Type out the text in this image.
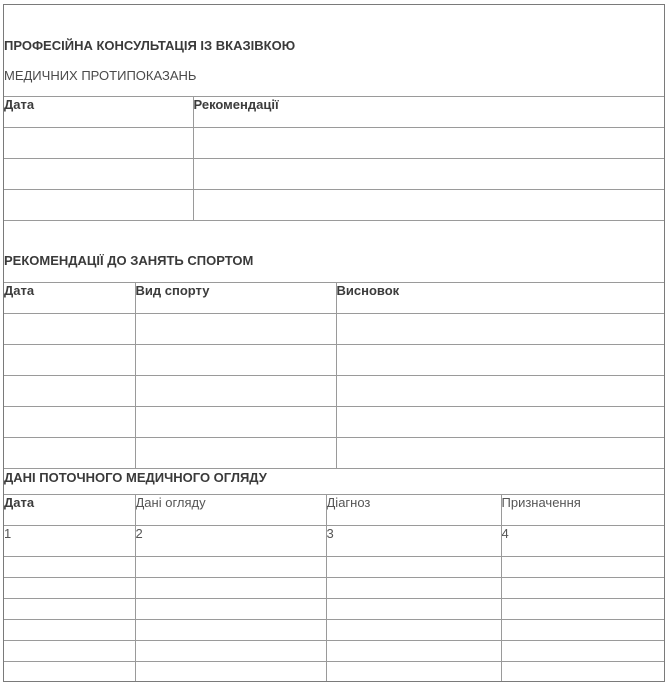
ПРОФЕСІЙНА КОНСУЛЬТАЦІЯ ІЗ ВКАЗІВКОЮ
МЕДИЧНИХ ПРОТИПОКАЗАНЬ
Дата	Рекомендації

РЕКОМЕНДАЦІЇ ДО ЗАНЯТЬ СПОРТОМ
Дата	Вид спорту	Висновок

ДАНІ ПОТОЧНОГО МЕДИЧНОГО ОГЛЯДУ
Дата	Дані огляду	Діагноз	Призначення
1	2	3	4
